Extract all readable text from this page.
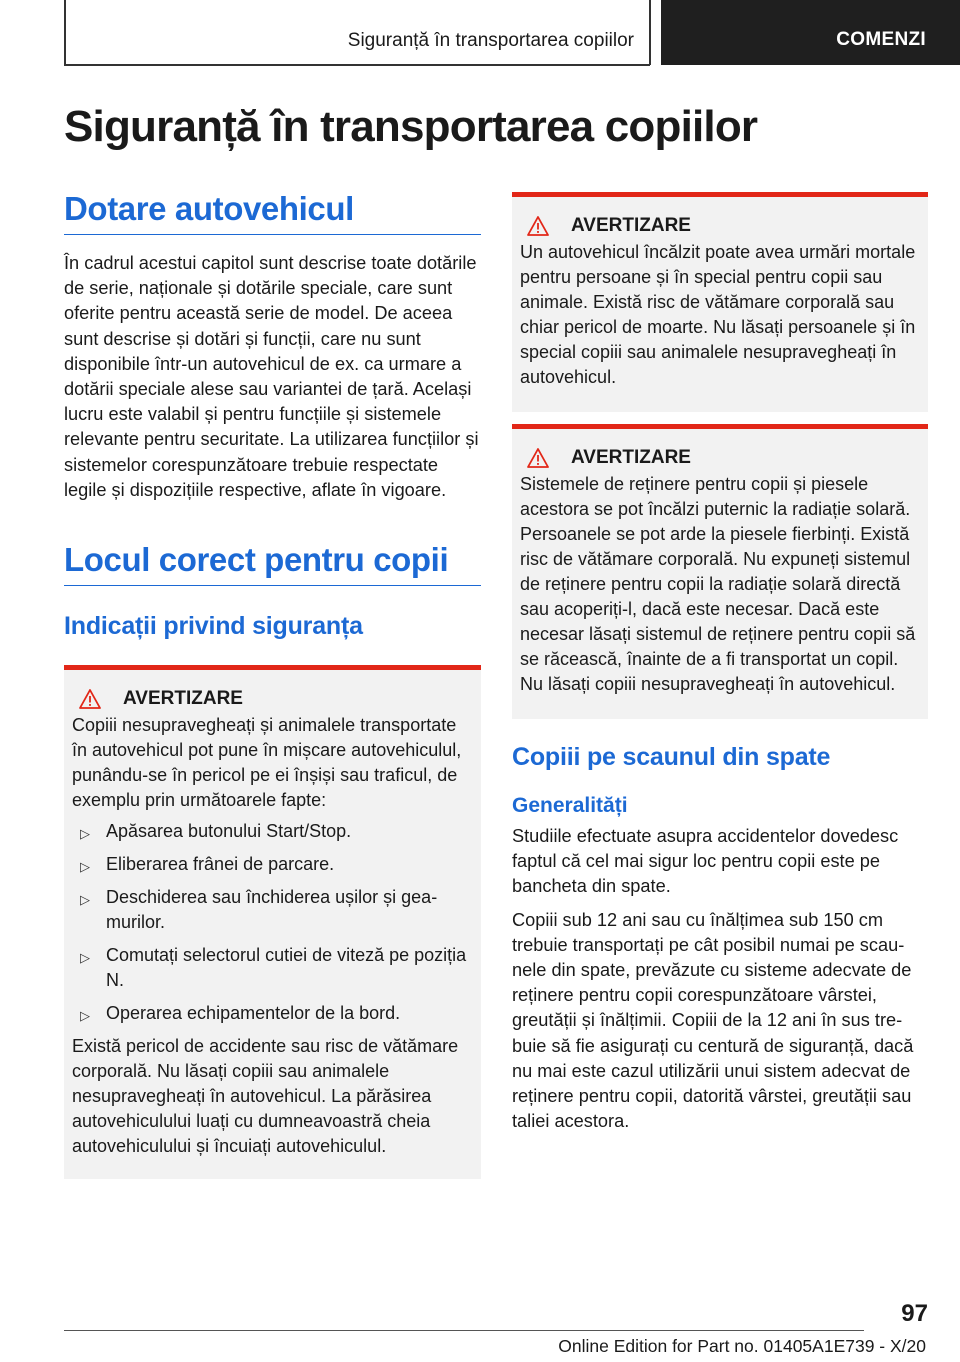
Siguranță în transportarea copiilor	COMENZI
Siguranță în transportarea copiilor
Dotare autovehicul

În cadrul acestui capitol sunt descrise toate dotările de serie, naționale și dotările speciale, care sunt oferite pentru această serie de model. De aceea sunt descrise și dotări și funcții, care nu sunt disponibile într-un autovehicul de ex. ca urmare a dotării speciale alese sau variantei de țară. Același lucru este valabil și pentru funcțiile și sistemele relevante pentru securitate. La utilizarea funcțiilor și sistemelor corespunzătoare trebuie respectate legile și dispozițiile respective, aflate în vigoare.

Locul corect pentru copii
Indicații privind siguranța
AVERTIZARE

Copiii nesupravegheați și animalele transportate în autovehicul pot pune în mișcare autovehiculul, punându-se în pericol pe ei înșiși sau traficul, de exemplu prin următoarele fapte:

▷ Apăsarea butonului Start/Stop.
▷ Eliberarea frânei de parcare.
▷ Deschiderea sau închiderea ușilor și geamurilor.
▷ Comutați selectorul cutiei de viteză pe poziția N.
▷ Operarea echipamentelor de la bord.

Există pericol de accidente sau risc de vătămare corporală. Nu lăsați copiii sau animalele nesupravegheați în autovehicul. La părăsirea autovehiculului luați cu dumneavoastră cheia autovehiculului și încuiați autovehiculul.

AVERTIZARE

Un autovehicul încălzit poate avea urmări mortale pentru persoane și în special pentru copii sau animale. Există risc de vătămare corporală sau chiar pericol de moarte. Nu lăsați persoanele și în special copiii sau animalele nesupravegheați în autovehicul.

AVERTIZARE

Sistemele de reținere pentru copii și piesele acestora se pot încălzi puternic la radiație solară. Persoanele se pot arde la piesele fierbinți. Există risc de vătămare corporală. Nu expuneți sistemul de reținere pentru copii la radiație solară directă sau acoperiți-l, dacă este necesar. Dacă este necesar lăsați sistemul de reținere pentru copii să se răcească, înainte de a fi transportat un copil. Nu lăsați copiii nesupravegheați în autovehicul.

Copiii pe scaunul din spate
Generalități

Studiile efectuate asupra accidentelor dovedesc faptul că cel mai sigur loc pentru copii este pe bancheta din spate.

Copiii sub 12 ani sau cu înălțimea sub 150 cm trebuie transportați pe cât posibil numai pe scaunele din spate, prevăzute cu sisteme adecvate de reținere pentru copii corespunzătoare vârstei, greutății și înălțimii. Copiii de la 12 ani în sus trebuie să fie asigurați cu centură de siguranță, dacă nu mai este cazul utilizării unui sistem adecvat de reținere pentru copii, datorită vârstei, greutății sau taliei acestora.

97
Online Edition for Part no. 01405A1E739 - X/20
